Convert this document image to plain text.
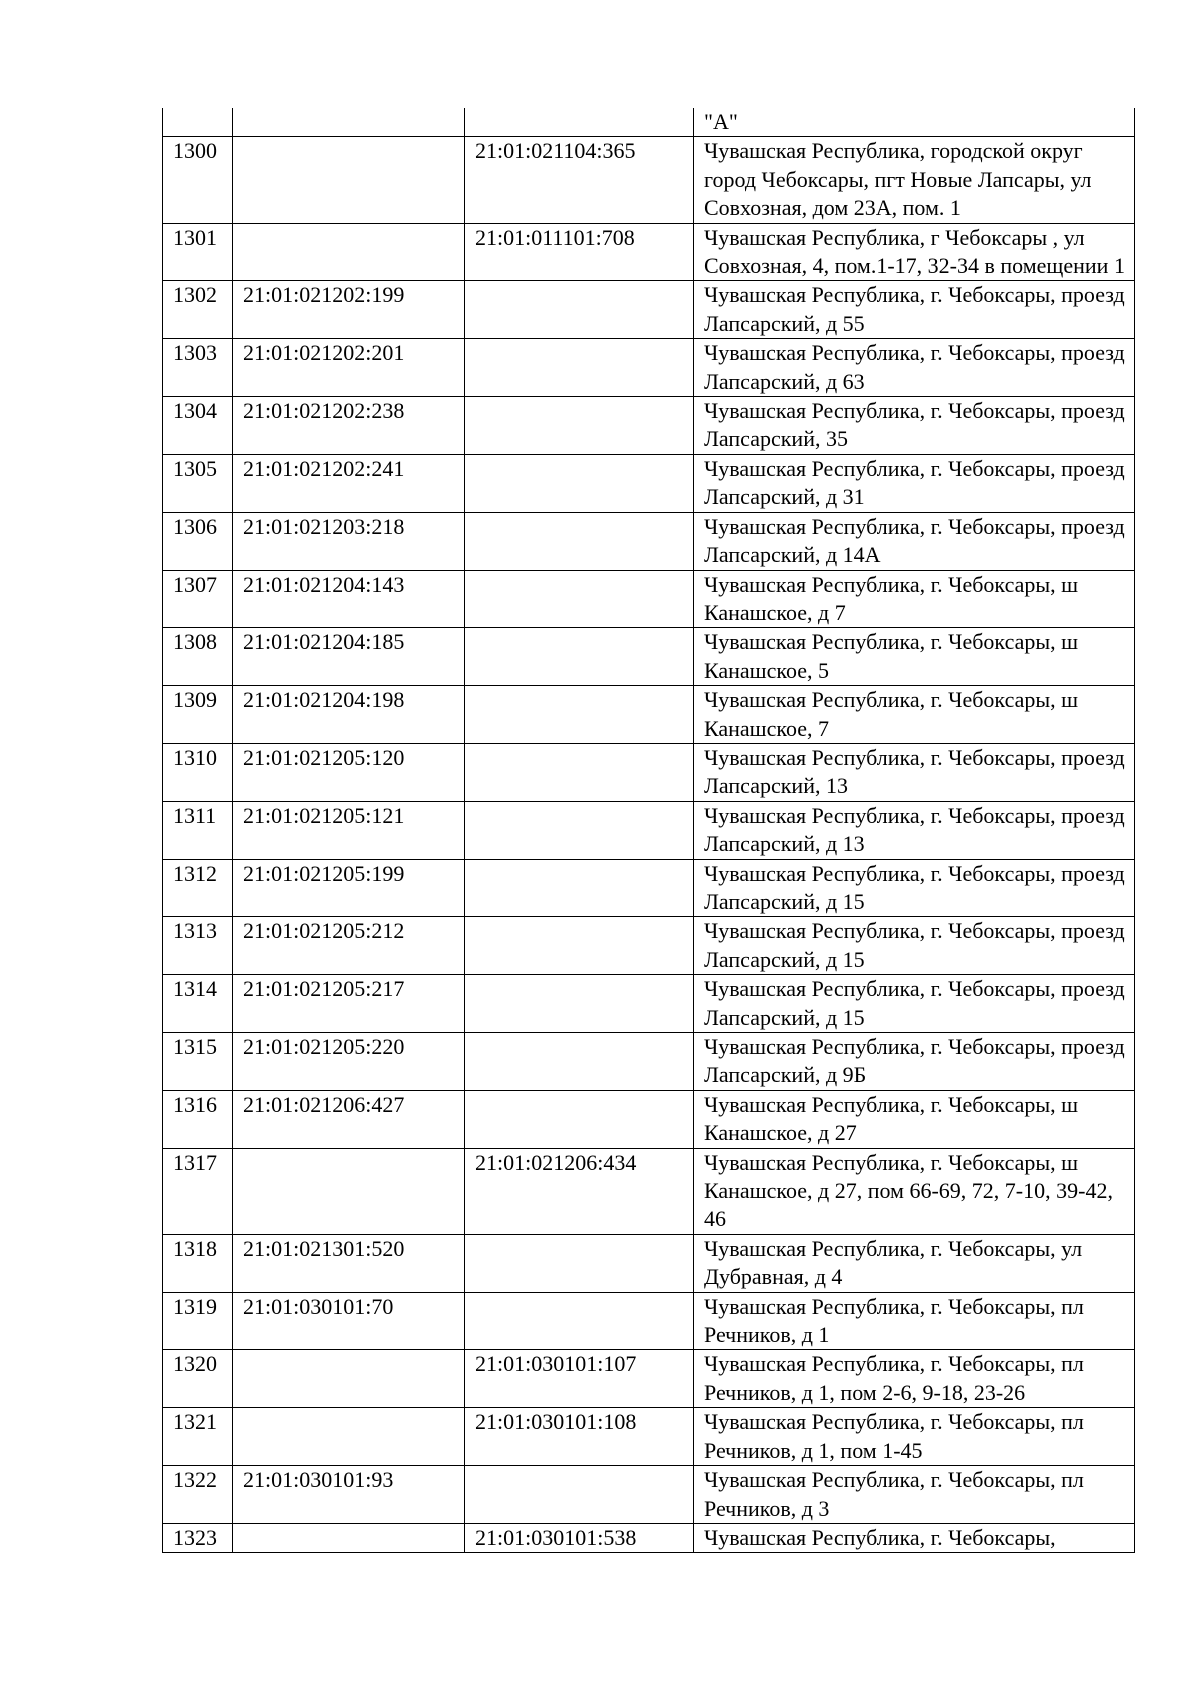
			"А"
1300		21:01:021104:365	Чувашская Республика, городской округ город Чебоксары, пгт Новые Лапсары, ул Совхозная, дом 23А, пом. 1
1301		21:01:011101:708	Чувашская Республика, г Чебоксары , ул Совхозная, 4, пом.1-17, 32-34 в помещении 1
1302	21:01:021202:199		Чувашская Республика, г. Чебоксары, проезд Лапсарский, д 55
1303	21:01:021202:201		Чувашская Республика, г. Чебоксары, проезд Лапсарский, д 63
1304	21:01:021202:238		Чувашская Республика, г. Чебоксары, проезд Лапсарский, 35
1305	21:01:021202:241		Чувашская Республика, г. Чебоксары, проезд Лапсарский, д 31
1306	21:01:021203:218		Чувашская Республика, г. Чебоксары, проезд Лапсарский, д 14А
1307	21:01:021204:143		Чувашская Республика, г. Чебоксары, ш Канашское, д 7
1308	21:01:021204:185		Чувашская Республика, г. Чебоксары, ш Канашское, 5
1309	21:01:021204:198		Чувашская Республика, г. Чебоксары, ш Канашское, 7
1310	21:01:021205:120		Чувашская Республика, г. Чебоксары, проезд Лапсарский, 13
1311	21:01:021205:121		Чувашская Республика, г. Чебоксары, проезд Лапсарский, д 13
1312	21:01:021205:199		Чувашская Республика, г. Чебоксары, проезд Лапсарский, д 15
1313	21:01:021205:212		Чувашская Республика, г. Чебоксары, проезд Лапсарский, д 15
1314	21:01:021205:217		Чувашская Республика, г. Чебоксары, проезд Лапсарский, д 15
1315	21:01:021205:220		Чувашская Республика, г. Чебоксары, проезд Лапсарский, д 9Б
1316	21:01:021206:427		Чувашская Республика, г. Чебоксары, ш Канашское, д 27
1317		21:01:021206:434	Чувашская Республика, г. Чебоксары, ш Канашское, д 27, пом 66-69, 72, 7-10, 39-42, 46
1318	21:01:021301:520		Чувашская Республика, г. Чебоксары, ул Дубравная, д 4
1319	21:01:030101:70		Чувашская Республика, г. Чебоксары, пл Речников, д 1
1320		21:01:030101:107	Чувашская Республика, г. Чебоксары, пл Речников, д 1, пом 2-6, 9-18, 23-26
1321		21:01:030101:108	Чувашская Республика, г. Чебоксары, пл Речников, д 1, пом 1-45
1322	21:01:030101:93		Чувашская Республика, г. Чебоксары, пл Речников, д 3
1323		21:01:030101:538	Чувашская Республика, г. Чебоксары,
